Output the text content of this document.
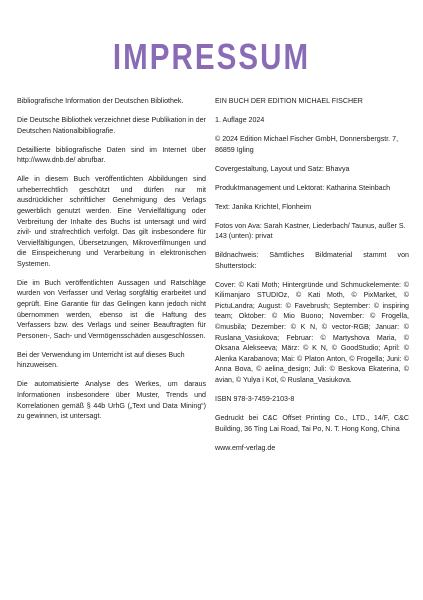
IMPRESSUM

Bibliografische Information der Deutschen Bibliothek.

Die Deutsche Bibliothek verzeichnet diese Publikation in der Deutschen Nationalbibliografie.

Detaillierte bibliografische Daten sind im Internet über http://www.dnb.de/ abrufbar.

Alle in diesem Buch veröffentlichten Abbildungen sind urheberrechtlich geschützt und dürfen nur mit ausdrücklicher schriftlicher Genehmigung des Verlags gewerblich genutzt werden. Eine Vervielfältigung oder Verbreitung der Inhalte des Buchs ist untersagt und wird zivil- und strafrechtlich verfolgt. Das gilt insbesondere für Vervielfältigungen, Übersetzungen, Mikroverfilmungen und die Einspeicherung und Verarbeitung in elektronischen Systemen.

Die im Buch veröffentlichten Aussagen und Ratschläge wurden von Verfasser und Verlag sorgfältig erarbeitet und geprüft. Eine Garantie für das Gelingen kann jedoch nicht übernommen werden, ebenso ist die Haftung des Verfassers bzw. des Verlags und seiner Beauftragten für Personen-, Sach- und Vermögensschäden ausgeschlossen.

Bei der Verwendung im Unterricht ist auf dieses Buch hinzuweisen.

Die automatisierte Analyse des Werkes, um daraus Informationen insbesondere über Muster, Trends und Korrelationen gemäß § 44b UrhG („Text und Data Mining“) zu gewinnen, ist untersagt.

EIN BUCH DER EDITION MICHAEL FISCHER

1. Auflage 2024

© 2024 Edition Michael Fischer GmbH, Donnersbergstr. 7, 86859 Igling

Covergestaltung, Layout und Satz: Bhavya

Produktmanagement und Lektorat: Katharina Steinbach

Text: Janika Krichtel, Flonheim

Fotos von Ava: Sarah Kastner, Liederbach/ Taunus, außer S. 143 (unten): privat

Bildnachweis: Sämtliches Bildmaterial stammt von Shutterstock:

Cover: © Kati Moth; Hintergründe und Schmuckelemente: © Kilimanjaro STUDIOz, © Kati Moth, © PixMarket, © PictuLandra; August: © Favebrush; September: © inspiring team; Oktober: © Mio Buono; November: © Frogella, ©musbila; Dezember: © K N, © vector-RGB; Januar: © Ruslana_Vasiukova; Februar: © Martyshova Maria, © Oksana Alekseeva; März: © K N, © GoodStudio; April: © Alenka Karabanova; Mai: © Platon Anton, © Frogella; Juni: © Anna Bova, © aelina_design; Juli: © Beskova Ekaterina, © avian, © Yulya i Kot, © Ruslana_Vasiukova.

ISBN 978-3-7459-2103-8

Gedruckt bei C&C Offset Printing Co., LTD., 14/F, C&C Building, 36 Ting Lai Road, Tai Po, N. T. Hong Kong, China

www.emf-verlag.de
